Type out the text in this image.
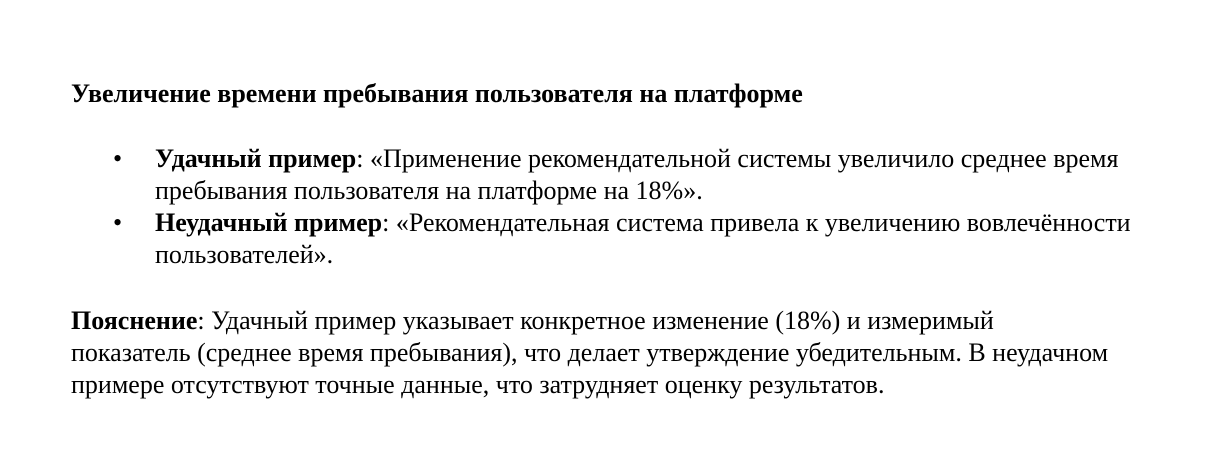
Увеличение времени пребывания пользователя на платформе

• Удачный пример: «Применение рекомендательной системы увеличило среднее время пребывания пользователя на платформе на 18%».
• Неудачный пример: «Рекомендательная система привела к увеличению вовлечённости пользователей».

Пояснение: Удачный пример указывает конкретное изменение (18%) и измеримый показатель (среднее время пребывания), что делает утверждение убедительным. В неудачном примере отсутствуют точные данные, что затрудняет оценку результатов.
